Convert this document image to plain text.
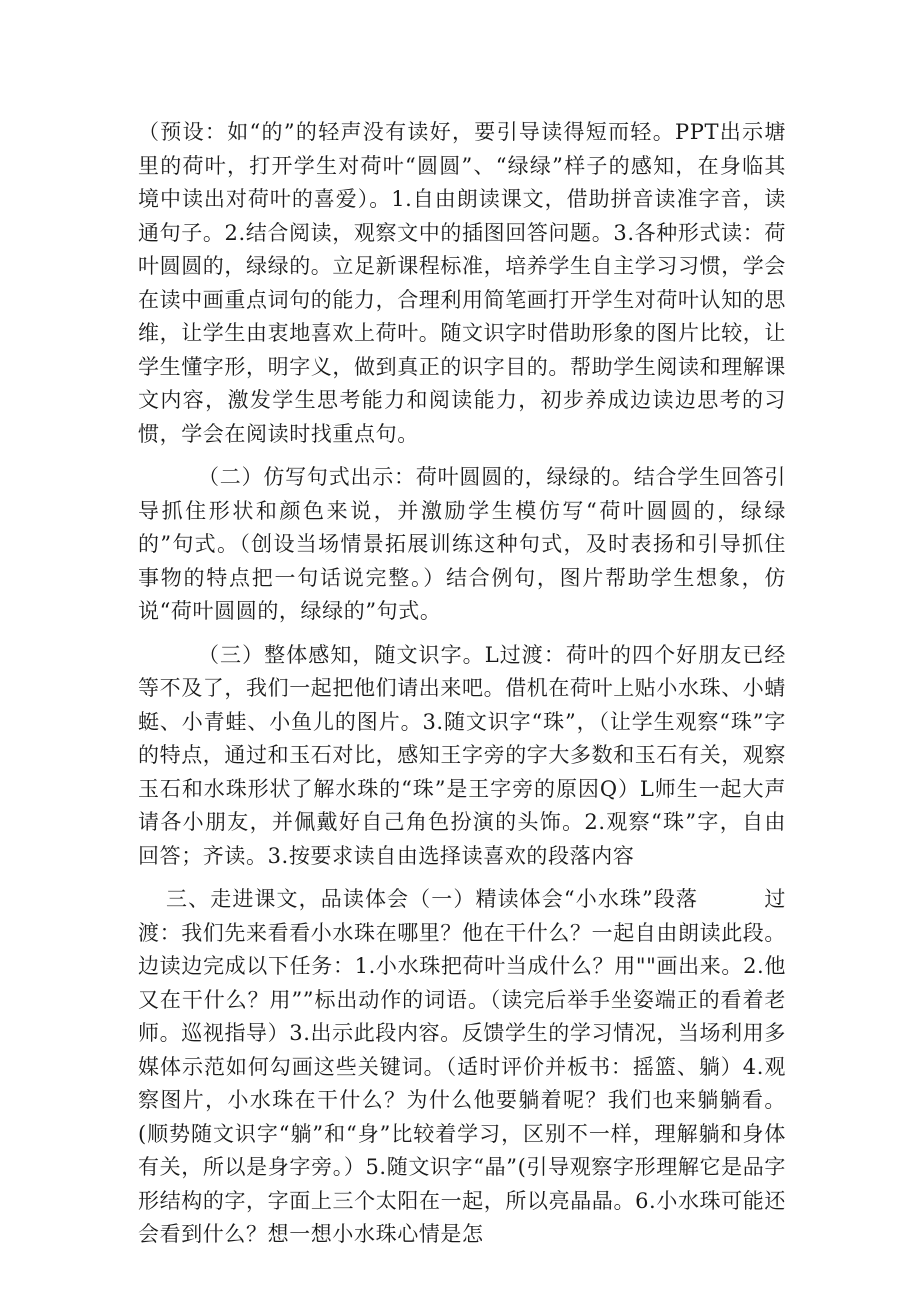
（预设：如“的”的轻声没有读好，要引导读得短而轻。PPT出示塘里的荷叶，打开学生对荷叶“圆圆”、“绿绿”样子的感知，在身临其境中读出对荷叶的喜爱）。1.自由朗读课文，借助拼音读准字音，读通句子。2.结合阅读，观察文中的插图回答问题。3.各种形式读：荷叶圆圆的，绿绿的。立足新课程标准，培养学生自主学习习惯，学会在读中画重点词句的能力，合理利用简笔画打开学生对荷叶认知的思维，让学生由衷地喜欢上荷叶。随文识字时借助形象的图片比较，让学生懂字形，明字义，做到真正的识字目的。帮助学生阅读和理解课文内容，激发学生思考能力和阅读能力，初步养成边读边思考的习惯，学会在阅读时找重点句。

（二）仿写句式出示：荷叶圆圆的，绿绿的。结合学生回答引导抓住形状和颜色来说，并激励学生模仿写“荷叶圆圆的，绿绿的”句式。（创设当场情景拓展训练这种句式，及时表扬和引导抓住事物的特点把一句话说完整。）结合例句，图片帮助学生想象，仿说“荷叶圆圆的，绿绿的”句式。

（三）整体感知，随文识字。L过渡：荷叶的四个好朋友已经等不及了，我们一起把他们请出来吧。借机在荷叶上贴小水珠、小蜻蜓、小青蛙、小鱼儿的图片。3.随文识字“珠”，（让学生观察“珠”字的特点，通过和玉石对比，感知王字旁的字大多数和玉石有关，观察玉石和水珠形状了解水珠的“珠”是王字旁的原因Q）L师生一起大声请各小朋友，并佩戴好自己角色扮演的头饰。2.观察“珠”字，自由回答；齐读。3.按要求读自由选择读喜欢的段落内容

三、走进课文，品读体会（一）精读体会“小水珠”段落　　　过渡：我们先来看看小水珠在哪里？他在干什么？一起自由朗读此段。边读边完成以下任务：1.小水珠把荷叶当成什么？用""画出来。2.他又在干什么？用””标出动作的词语。（读完后举手坐姿端正的看着老师。巡视指导）3.出示此段内容。反馈学生的学习情况，当场利用多媒体示范如何勾画这些关键词。（适时评价并板书：摇篮、躺）4.观察图片，小水珠在干什么？为什么他要躺着呢？我们也来躺躺看。(顺势随文识字“躺”和“身”比较着学习，区别不一样，理解躺和身体有关，所以是身字旁。）5.随文识字“晶”(引导观察字形理解它是品字形结构的字，字面上三个太阳在一起，所以亮晶晶。6.小水珠可能还会看到什么？想一想小水珠心情是怎
